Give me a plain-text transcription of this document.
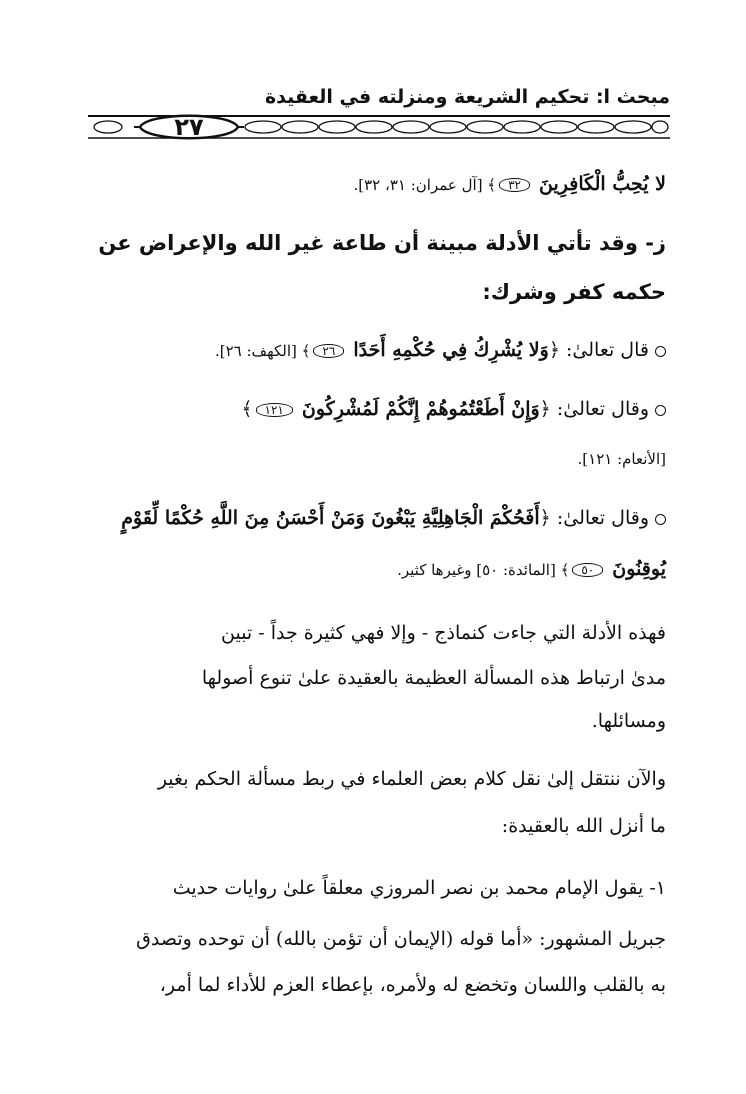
مبحث ا: تحكيم الشريعة ومنزلته في العقيدة
٢٧
لا يُحِبُّ الْكَافِرِينَ ٣٢﴾ [آل عمران: ٣١، ٣٢].
ز- وقد تأتي الأدلة مبينة أن طاعة غير الله والإعراض عن
حكمه كفر وشرك:
قال تعالىٰ: ﴿وَلا يُشْرِكُ فِي حُكْمِهِ أَحَدًا ٢٦﴾ [الكهف: ٢٦].
وقال تعالىٰ: ﴿وَإِنْ أَطَعْتُمُوهُمْ إِنَّكُمْ لَمُشْرِكُونَ ١٢١﴾
[الأنعام: ١٢١].
وقال تعالىٰ: ﴿أَفَحُكْمَ الْجَاهِلِيَّةِ يَبْغُونَ وَمَنْ أَحْسَنُ مِنَ اللَّهِ حُكْمًا لِّقَوْمٍ
يُوقِنُونَ ٥٠﴾ [المائدة: ٥٠] وغيرها كثير.
فهذه الأدلة التي جاءت كنماذج - وإلا فهي كثيرة جداً - تبين
مدىٰ ارتباط هذه المسألة العظيمة بالعقيدة علىٰ تنوع أصولها
ومسائلها.
والآن ننتقل إلىٰ نقل كلام بعض العلماء في ربط مسألة الحكم بغير
ما أنزل الله بالعقيدة:
١- يقول الإمام محمد بن نصر المروزي معلقاً علىٰ روايات حديث
جبريل المشهور: «أما قوله (الإيمان أن تؤمن بالله) أن توحده وتصدق
به بالقلب واللسان وتخضع له ولأمره، بإعطاء العزم للأداء لما أمر،
